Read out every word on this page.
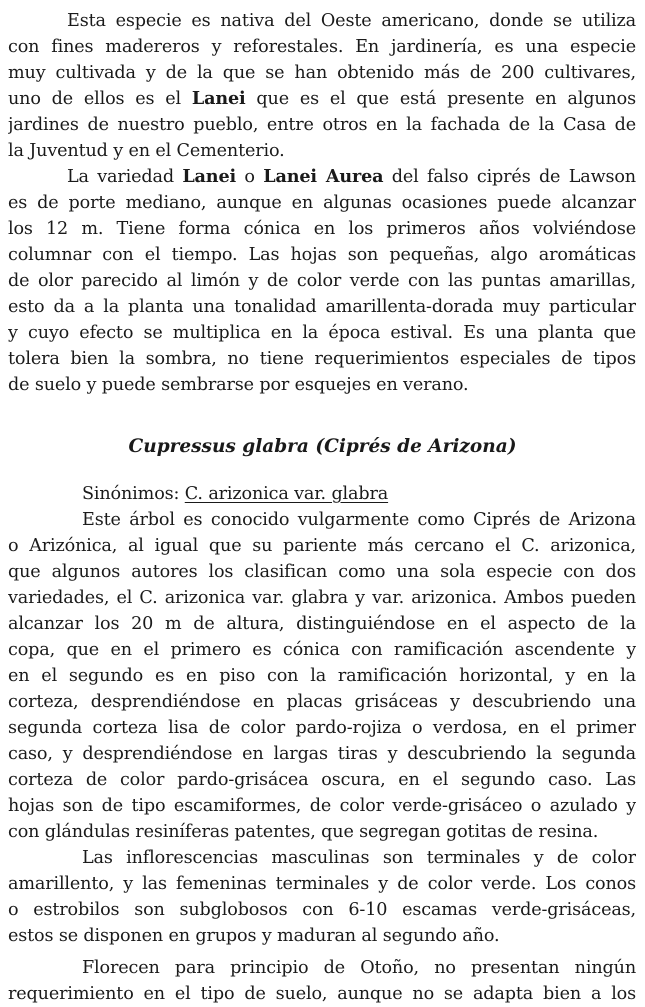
Esta especie es nativa del Oeste americano, donde se utiliza
con fines madereros y reforestales. En jardinería, es una especie
muy cultivada y de la que se han obtenido más de 200 cultivares,
uno de ellos es el Lanei que es el que está presente en algunos
jardines de nuestro pueblo, entre otros en la fachada de la Casa de
la Juventud y en el Cementerio.
La variedad Lanei o Lanei Aurea del falso ciprés de Lawson
es de porte mediano, aunque en algunas ocasiones puede alcanzar
los 12 m. Tiene forma cónica en los primeros años volviéndose
columnar con el tiempo. Las hojas son pequeñas, algo aromáticas
de olor parecido al limón y de color verde con las puntas amarillas,
esto da a la planta una tonalidad amarillenta-dorada muy particular
y cuyo efecto se multiplica en la época estival. Es una planta que
tolera bien la sombra, no tiene requerimientos especiales de tipos
de suelo y puede sembrarse por esquejes en verano.
Cupressus glabra (Ciprés de Arizona)
Sinónimos: C. arizonica var. glabra
Este árbol es conocido vulgarmente como Ciprés de Arizona
o Arizónica, al igual que su pariente más cercano el C. arizonica,
que algunos autores los clasifican como una sola especie con dos
variedades, el C. arizonica var. glabra y var. arizonica. Ambos pueden
alcanzar los 20 m de altura, distinguiéndose en el aspecto de la
copa, que en el primero es cónica con ramificación ascendente y
en el segundo es en piso con la ramificación horizontal, y en la
corteza, desprendiéndose en placas grisáceas y descubriendo una
segunda corteza lisa de color pardo-rojiza o verdosa, en el primer
caso, y desprendiéndose en largas tiras y descubriendo la segunda
corteza de color pardo-grisácea oscura, en el segundo caso. Las
hojas son de tipo escamiformes, de color verde-grisáceo o azulado y
con glándulas resiníferas patentes, que segregan gotitas de resina.
Las inflorescencias masculinas son terminales y de color
amarillento, y las femeninas terminales y de color verde. Los conos
o estrobilos son subglobosos con 6-10 escamas verde-grisáceas,
estos se disponen en grupos y maduran al segundo año.
Florecen para principio de Otoño, no presentan ningún
requerimiento en el tipo de suelo, aunque no se adapta bien a los
